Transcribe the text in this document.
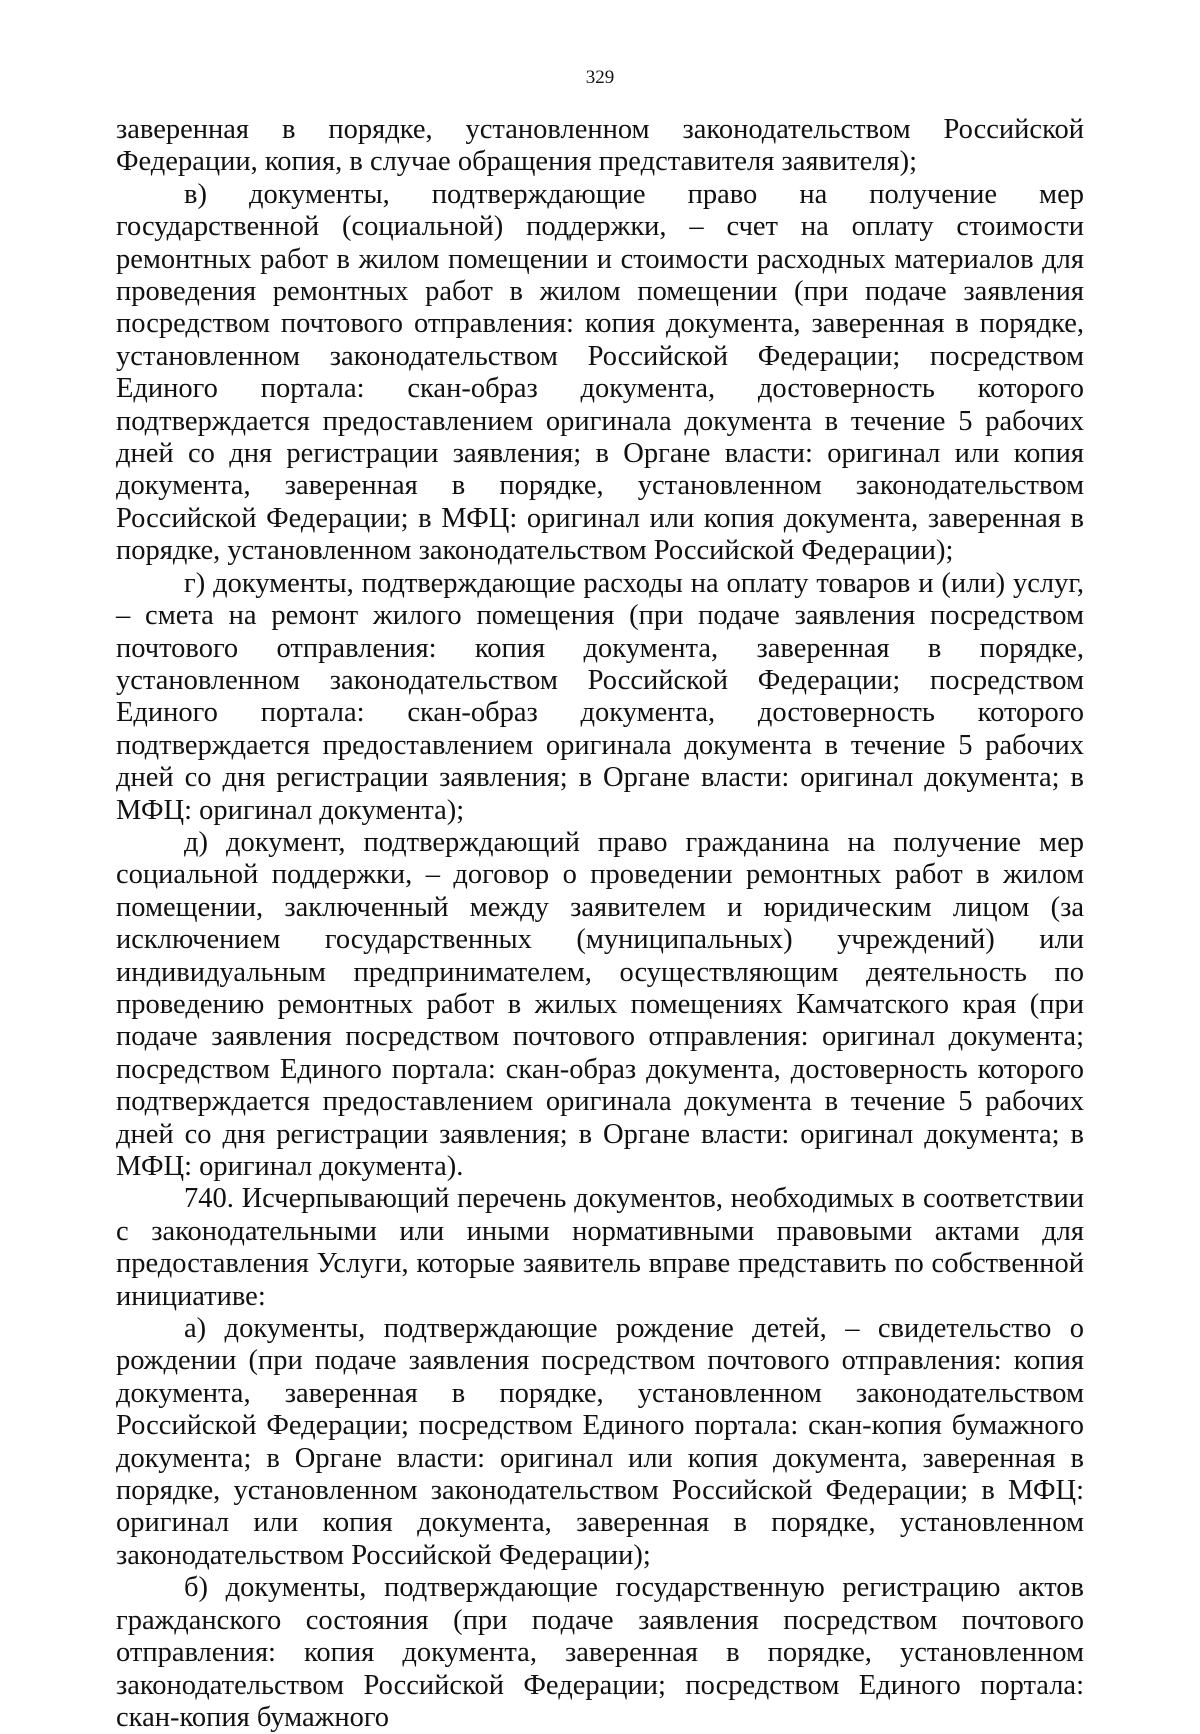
329

заверенная в порядке, установленном законодательством Российской Федерации, копия, в случае обращения представителя заявителя);

в) документы, подтверждающие право на получение мер государственной (социальной) поддержки, – счет на оплату стоимости ремонтных работ в жилом помещении и стоимости расходных материалов для проведения ремонтных работ в жилом помещении (при подаче заявления посредством почтового отправления: копия документа, заверенная в порядке, установленном законодательством Российской Федерации; посредством Единого портала: скан-образ документа, достоверность которого подтверждается предоставлением оригинала документа в течение 5 рабочих дней со дня регистрации заявления; в Органе власти: оригинал или копия документа, заверенная в порядке, установленном законодательством Российской Федерации; в МФЦ: оригинал или копия документа, заверенная в порядке, установленном законодательством Российской Федерации);

г) документы, подтверждающие расходы на оплату товаров и (или) услуг, – смета на ремонт жилого помещения (при подаче заявления посредством почтового отправления: копия документа, заверенная в порядке, установленном законодательством Российской Федерации; посредством Единого портала: скан-образ документа, достоверность которого подтверждается предоставлением оригинала документа в течение 5 рабочих дней со дня регистрации заявления; в Органе власти: оригинал документа; в МФЦ: оригинал документа);

д) документ, подтверждающий право гражданина на получение мер социальной поддержки, – договор о проведении ремонтных работ в жилом помещении, заключенный между заявителем и юридическим лицом (за исключением государственных (муниципальных) учреждений) или индивидуальным предпринимателем, осуществляющим деятельность по проведению ремонтных работ в жилых помещениях Камчатского края (при подаче заявления посредством почтового отправления: оригинал документа; посредством Единого портала: скан-образ документа, достоверность которого подтверждается предоставлением оригинала документа в течение 5 рабочих дней со дня регистрации заявления; в Органе власти: оригинал документа; в МФЦ: оригинал документа).

740. Исчерпывающий перечень документов, необходимых в соответствии с законодательными или иными нормативными правовыми актами для предоставления Услуги, которые заявитель вправе представить по собственной инициативе:

а) документы, подтверждающие рождение детей, – свидетельство о рождении (при подаче заявления посредством почтового отправления: копия документа, заверенная в порядке, установленном законодательством Российской Федерации; посредством Единого портала: скан-копия бумажного документа; в Органе власти: оригинал или копия документа, заверенная в порядке, установленном законодательством Российской Федерации; в МФЦ: оригинал или копия документа, заверенная в порядке, установленном законодательством Российской Федерации);

б) документы, подтверждающие государственную регистрацию актов гражданского состояния (при подаче заявления посредством почтового отправления: копия документа, заверенная в порядке, установленном законодательством Российской Федерации; посредством Единого портала: скан-копия бумажного
